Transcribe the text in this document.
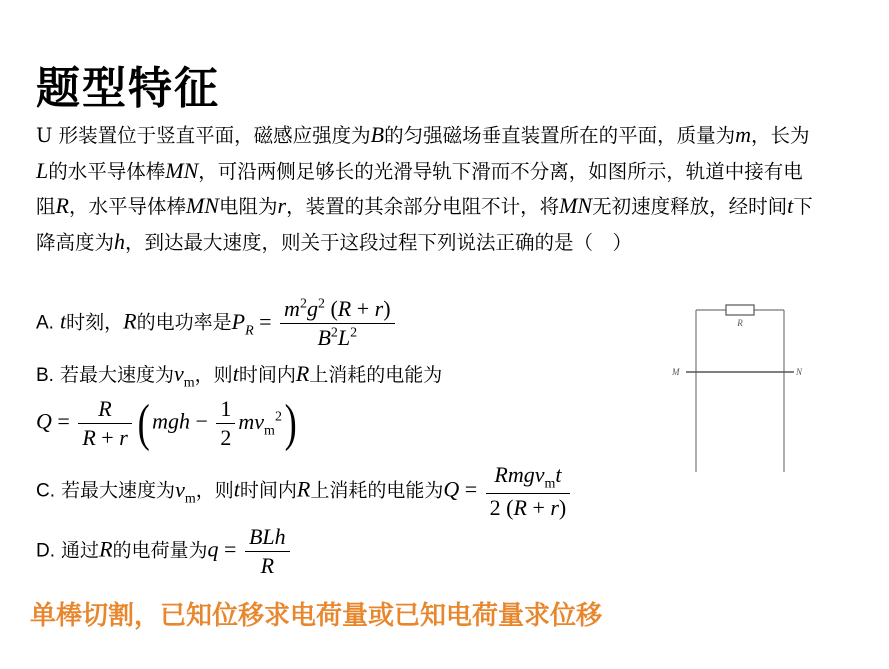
题型特征
U 形装置位于竖直平面，磁感应强度为B的匀强磁场垂直装置所在的平面，质量为m，长为L的水平导体棒MN，可沿两侧足够长的光滑导轨下滑而不分离，如图所示，轨道中接有电阻R，水平导体棒MN电阻为r，装置的其余部分电阻不计，将MN无初速度释放，经时间t下降高度为h，到达最大速度，则关于这段过程下列说法正确的是（　）
A. t时刻，R的电功率是$P_R = \frac{m^2g^2 (R + r)}{B^2L^2}$
B. 若最大速度为$v_m$，则t时间内R上消耗的电能为
$Q = \frac{R}{R + r}$ ( mgh − $\frac{1}{2} mv_m^2$)
C. 若最大速度为$v_m$，则t时间内R上消耗的电能为$Q = \frac{Rmgv_mt}{2 (R + r)}$
D. 通过R的电荷量为$q = \frac{\text{BLh}}{R}$
R
M	N
单棒切割，已知位移求电荷量或已知电荷量求位移
